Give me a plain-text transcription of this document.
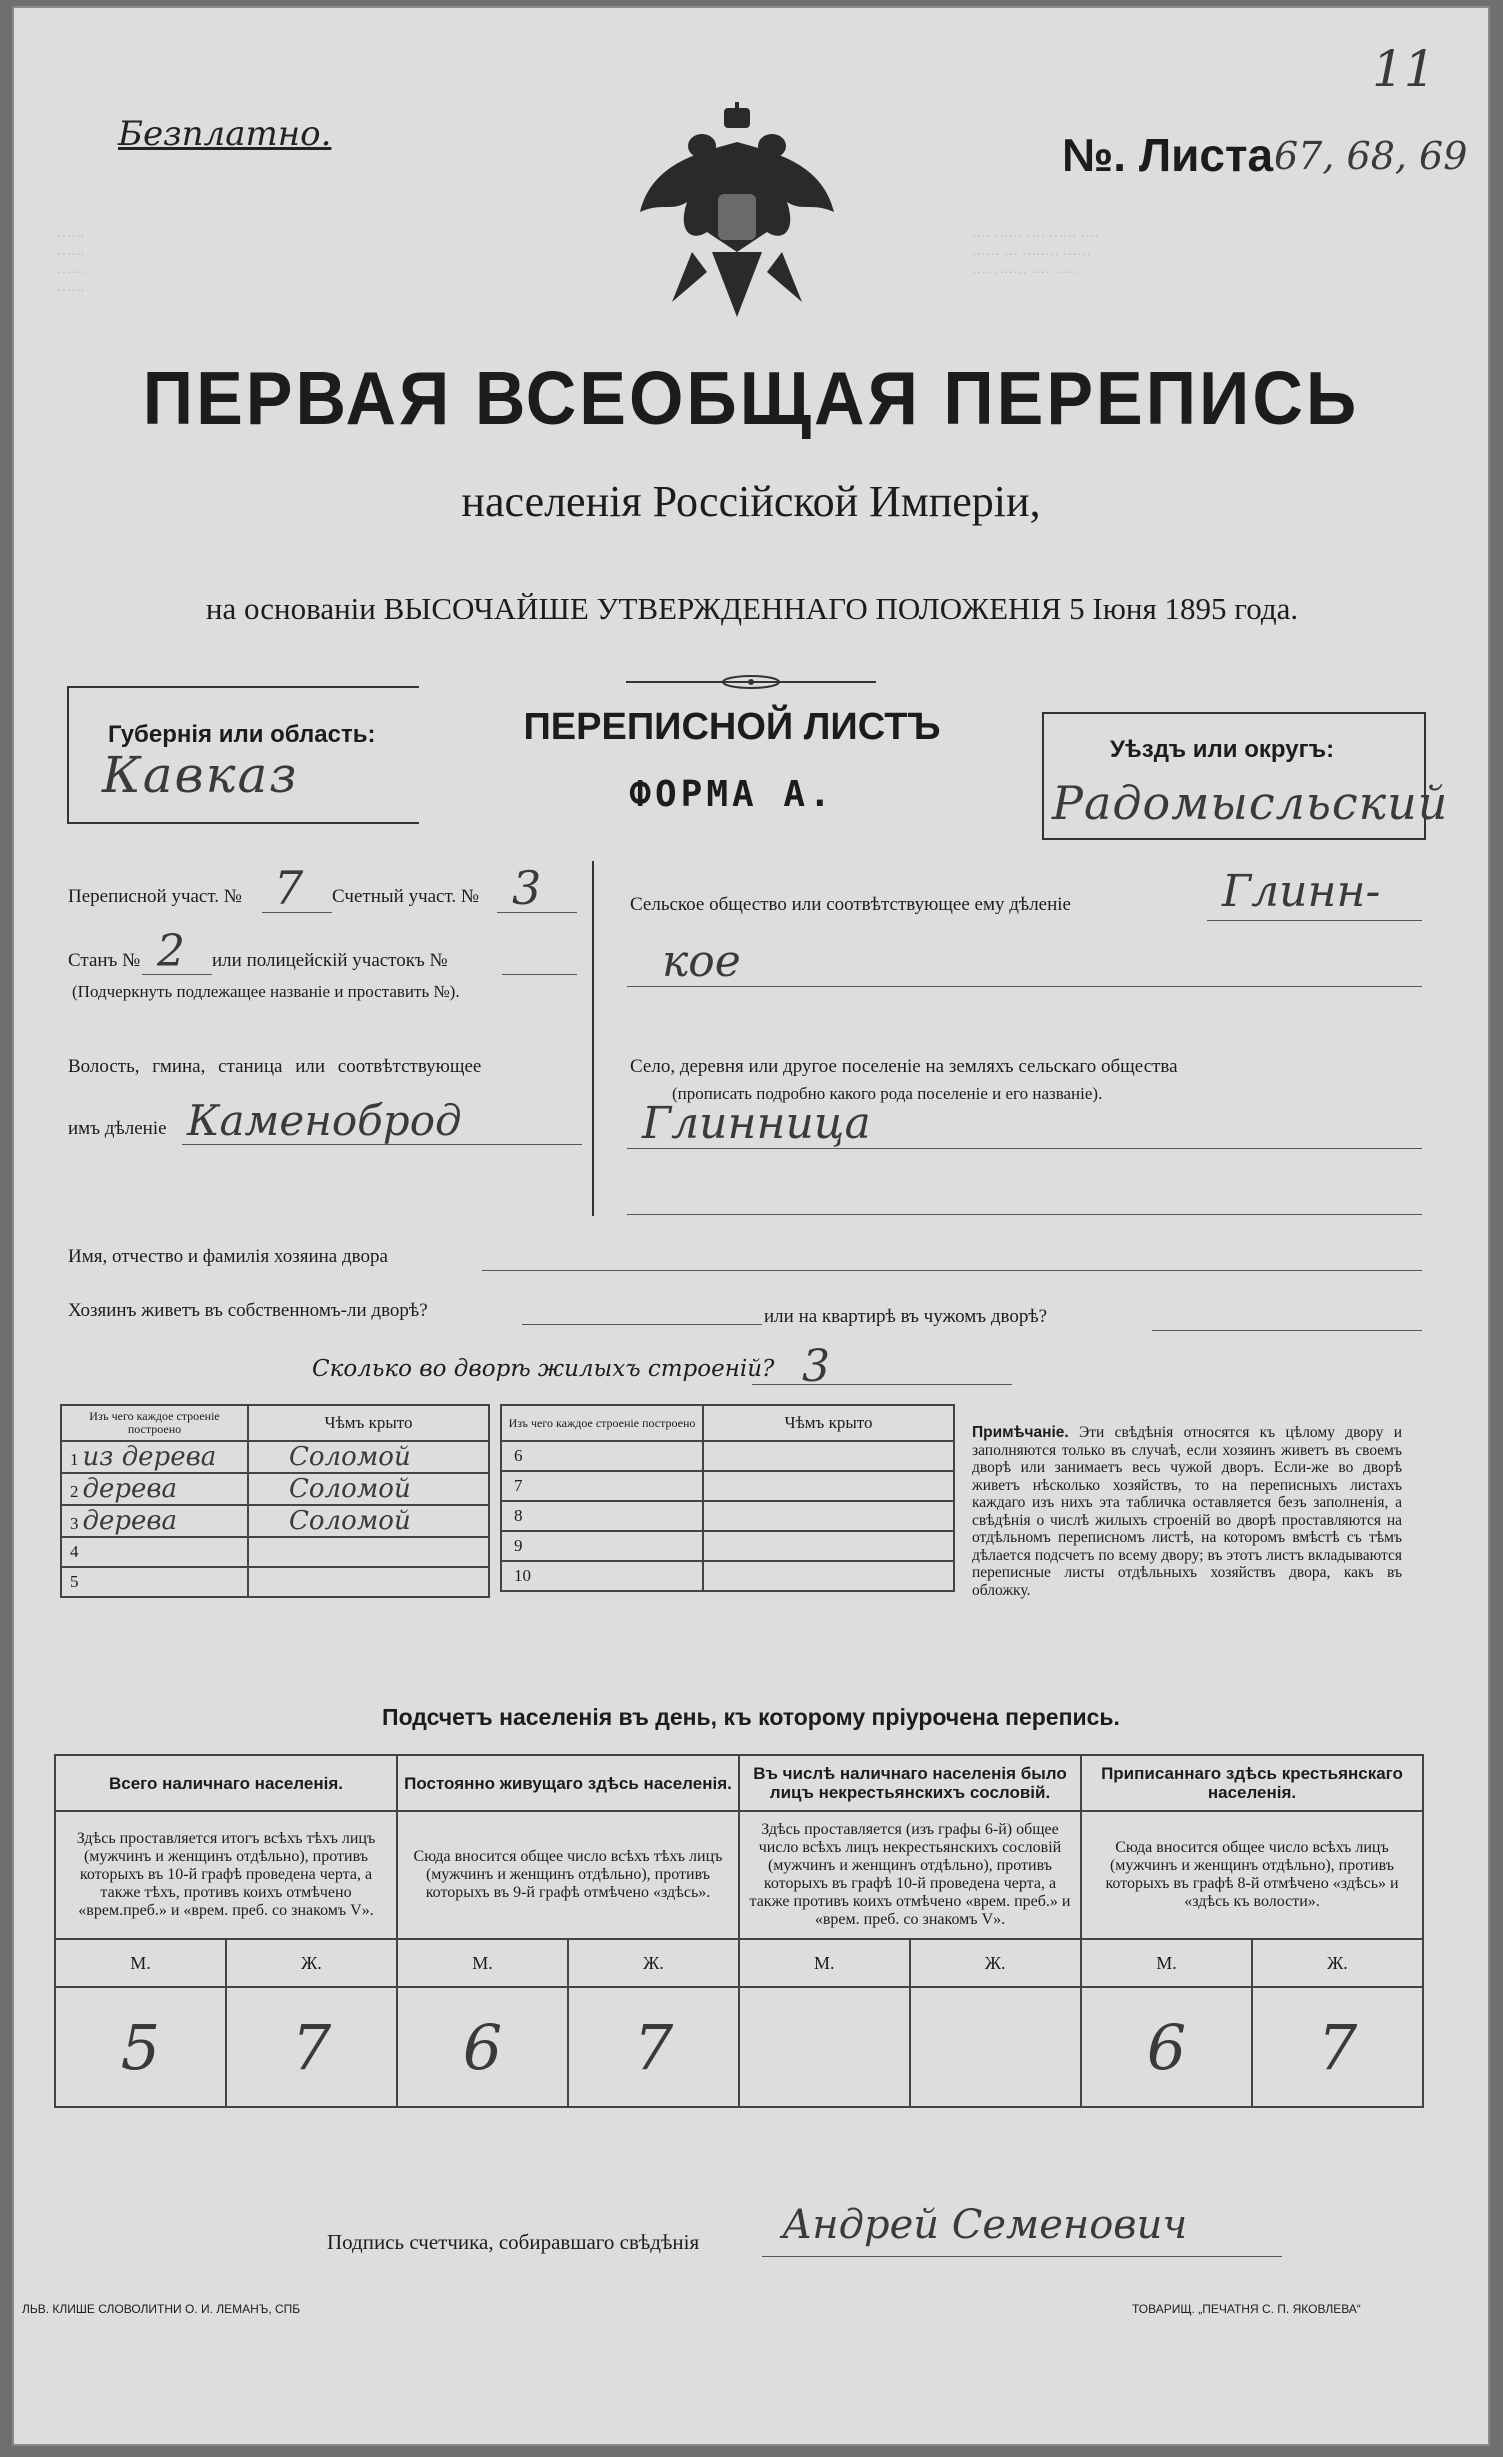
······
······
······
······
···· ······ ···· ······ ····
······ ··· ········ ······
···· ······· ···· ·····
Безплатно.	№. Листа 67, 68, 69
11
ПЕРВАЯ ВСЕОБЩАЯ ПЕРЕПИСЬ
населенія Россійской Имперіи,
на основаніи ВЫСОЧАЙШЕ УТВЕРЖДЕННАГО ПОЛОЖЕНІЯ 5 Іюня 1895 года.
Губернія или область:
Кавказ
ПЕРЕПИСНОЙ ЛИСТЪ
ФОРМА А.
Уѣздъ или округъ:
Радомысльский
Переписной участ. № 7 Счетный участ. № 3
Станъ № 2 или полицейскій участокъ №
(Подчеркнуть подлежащее названіе и проставить №).
Волость, гмина, станица или соотвѣтствующее
имъ дѣленіе Каменоброд
Сельское общество или соотвѣтствующее ему дѣленіе	Глинн-
кое
Село, деревня или другое поселеніе на земляхъ сельскаго общества
(прописать подробно какого рода поселеніе и его названіе).
Глинница
Имя, отчество и фамилія хозяина двора
Хозяинъ живетъ въ собственномъ-ли дворѣ?	или на квартирѣ въ чужомъ дворѣ?
Сколько во дворѣ жилыхъ строеній? 3
Изъ чего каждое строеніе построено	Чѣмъ крыто
1 из дерева	Соломой
2 дерева	Соломой
3 дерева	Соломой
4	
5	
Изъ чего каждое строеніе построено	Чѣмъ крыто
6	
7	
8	
9	
10	
Примѣчаніе. Эти свѣдѣнія относятся къ цѣлому двору и заполняются только въ случаѣ, если хозяинъ живетъ въ своемъ дворѣ или занимаетъ весь чужой дворъ. Если-же во дворѣ живетъ нѣсколько хозяйствъ, то на переписныхъ листахъ каждаго изъ нихъ эта табличка оставляется безъ заполненія, а свѣдѣнія о числѣ жилыхъ строеній во дворѣ проставляются на отдѣльномъ переписномъ листѣ, на которомъ вмѣстѣ съ тѣмъ дѣлается подсчетъ по всему двору; въ этотъ листъ вкладываются переписные листы отдѣльныхъ хозяйствъ двора, какъ въ обложку.
Подсчетъ населенія въ день, къ которому пріурочена перепись.
Всего наличнаго населенія.		Постоянно живущаго здѣсь населенія.		Въ числѣ наличнаго населенія было лицъ некрестьянскихъ сословій.		Приписаннаго здѣсь крестьянскаго населенія.	
Здѣсь проставляется итогъ всѣхъ тѣхъ лицъ (мужчинъ и женщинъ отдѣльно), противъ которыхъ въ 10-й графѣ проведена черта, а также тѣхъ, противъ коихъ отмѣчено «врем.преб.» и «врем. преб. со знакомъ V».		Сюда вносится общее число всѣхъ тѣхъ лицъ (мужчинъ и женщинъ отдѣльно), противъ которыхъ въ 9-й графѣ отмѣчено «здѣсь».		Здѣсь проставляется (изъ графы 6-й) общее число всѣхъ лицъ некрестьянскихъ сословій (мужчинъ и женщинъ отдѣльно), противъ которыхъ въ графѣ 10-й проведена черта, а также противъ коихъ отмѣчено «врем. преб.» и «врем. преб. со знакомъ V».		Сюда вносится общее число всѣхъ лицъ (мужчинъ и женщинъ отдѣльно), противъ которыхъ въ графѣ 8-й отмѣчено «здѣсь» и «здѣсь къ волости».	
М.	Ж.	М.	Ж.	М.	Ж.	М.	Ж.
5	7	6	7			6	7
Подпись счетчика, собиравшаго свѣдѣнія Андрей Семенович
ЛЬВ. КЛИШЕ СЛОВОЛИТНИ О. И. ЛЕМАНЪ, СПБ	ТОВАРИЩ. „ПЕЧАТНЯ С. П. ЯКОВЛЕВА“
